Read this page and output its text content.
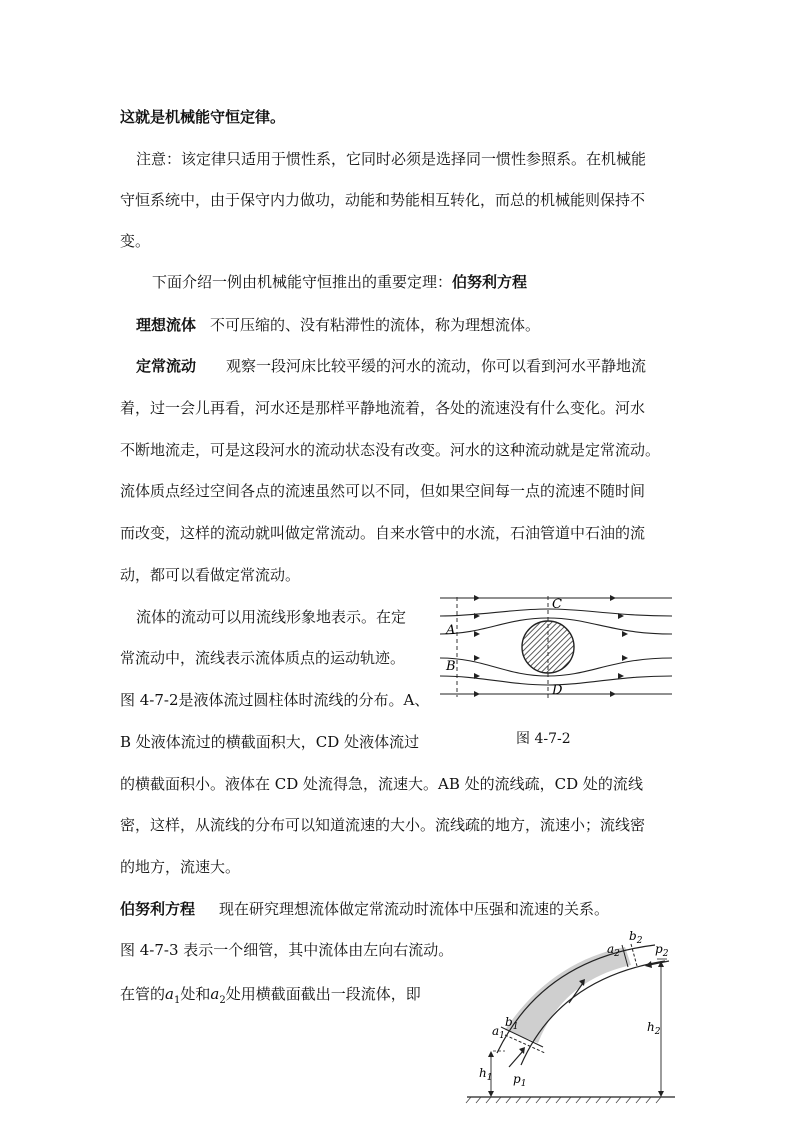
这就是机械能守恒定律。
注意：该定律只适用于惯性系，它同时必须是选择同一惯性参照系。在机械能
守恒系统中，由于保守内力做功，动能和势能相互转化，而总的机械能则保持不
变。
下面介绍一例由机械能守恒推出的重要定理：伯努利方程
理想流体 不可压缩的、没有粘滞性的流体，称为理想流体。
定常流动 观察一段河床比较平缓的河水的流动，你可以看到河水平静地流
着，过一会儿再看，河水还是那样平静地流着，各处的流速没有什么变化。河水
不断地流走，可是这段河水的流动状态没有改变。河水的这种流动就是定常流动。
流体质点经过空间各点的流速虽然可以不同，但如果空间每一点的流速不随时间
而改变，这样的流动就叫做定常流动。自来水管中的水流，石油管道中石油的流
动，都可以看做定常流动。
流体的流动可以用流线形象地表示。在定
常流动中，流线表示流体质点的运动轨迹。
图 4-7-2是液体流过圆柱体时流线的分布。A、
B 处液体流过的横截面积大，CD 处液体流过
的横截面积小。液体在 CD 处流得急，流速大。AB 处的流线疏，CD 处的流线
密，这样，从流线的分布可以知道流速的大小。流线疏的地方，流速小；流线密
的地方，流速大。
A
B
C
D
图 4-7-2
伯努利方程 现在研究理想流体做定常流动时流体中压强和流速的关系。
图 4-7-3 表示一个细管，其中流体由左向右流动。
在管的$a_1$处和$a_2$处用横截面截出一段流体，即
$a_1$
$b_1$
$a_2$
$b_2$
$p_2$
$p_1$
$h_1$
$h_2$
